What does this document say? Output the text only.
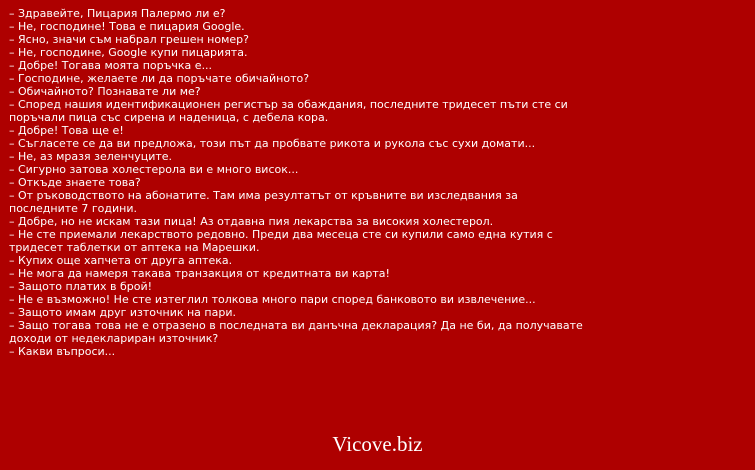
– Здравейте, Пицария Палермо ли е?
– Не, господине! Това е пицария Google.
– Ясно, значи съм набрал грешен номер?
– Не, господине, Google купи пицарията.
– Добре! Тогава моята поръчка е...
– Господине, желаете ли да поръчате обичайното?
– Обичайното? Познавате ли ме?
– Според нашия идентификационен регистър за обаждания, последните тридесет пъти сте си
поръчали пица със сирена и наденица, с дебела кора.
– Добре! Това ще е!
– Съгласете се да ви предложа, този път да пробвате рикота и рукола със сухи домати...
– Не, аз мразя зеленчуците.
– Сигурно затова холестерола ви е много висок...
– Откъде знаете това?
– От ръководството на абонатите. Там има резултатът от кръвните ви изследвания за
последните 7 години.
– Добре, но не искам тази пица! Аз отдавна пия лекарства за високия холестерол.
– Не сте приемали лекарството редовно. Преди два месеца сте си купили само една кутия с
тридесет таблетки от аптека на Марешки.
– Купих още хапчета от друга аптека.
– Не мога да намеря такава транзакция от кредитната ви карта!
– Защото платих в брой!
– Не е възможно! Не сте изтеглил толкова много пари според банковото ви извлечение...
– Защото имам друг източник на пари.
– Защо тогава това не е отразено в последната ви данъчна декларация? Да не би, да получавате
доходи от недеклариран източник?
– Какви въпроси...
Vicove.biz
